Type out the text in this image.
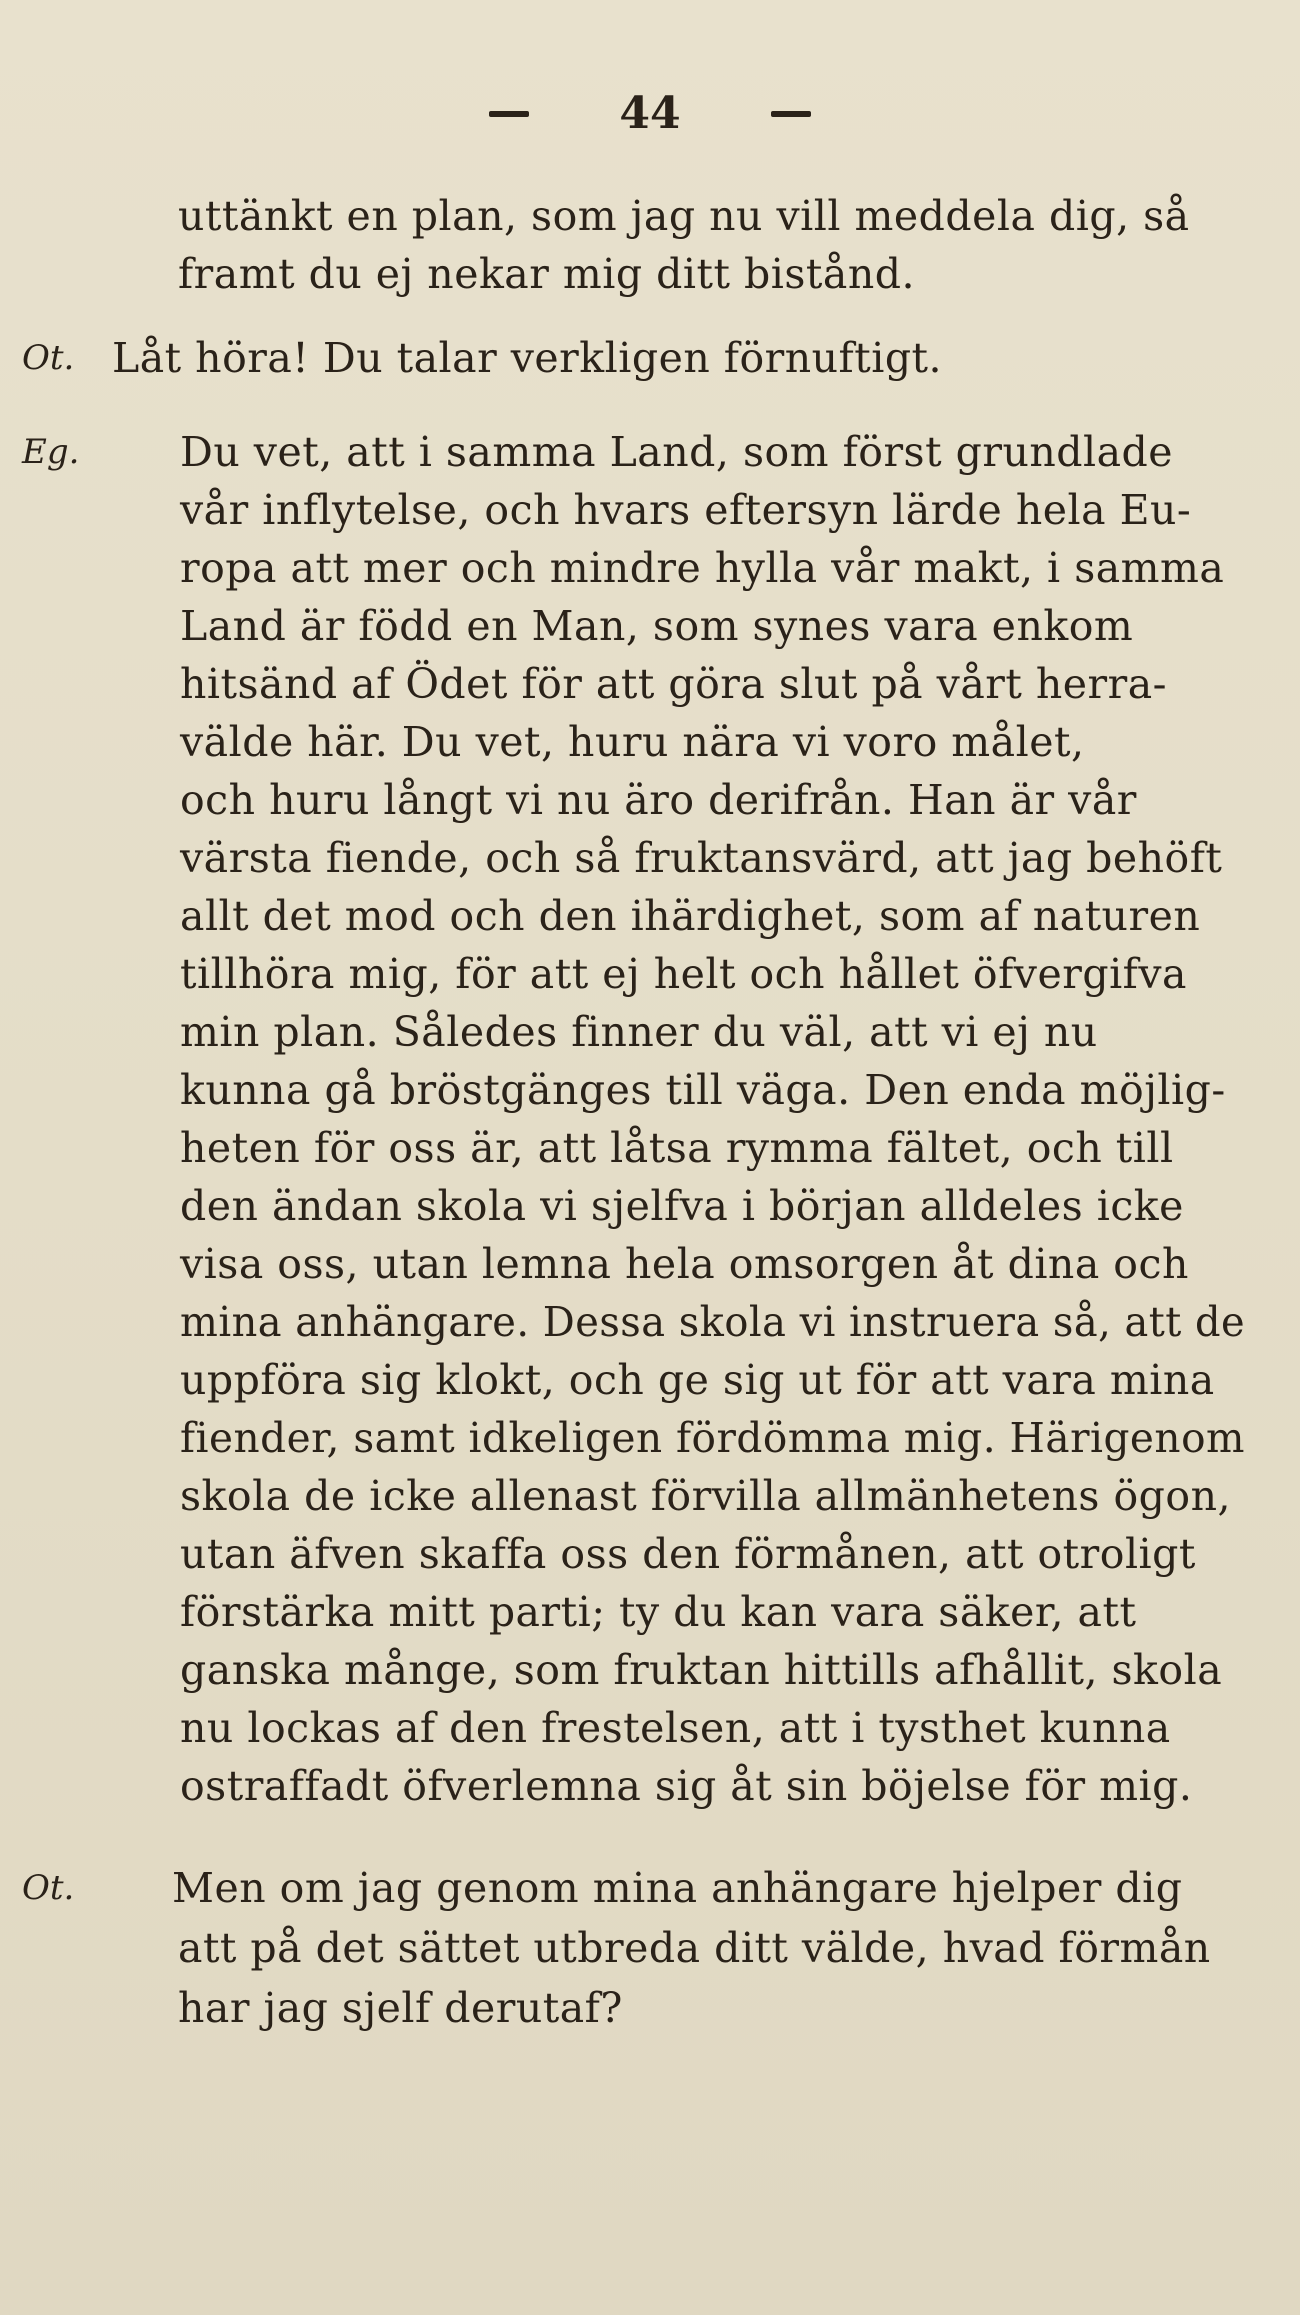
44
uttänkt en plan, som jag nu vill meddela dig, så
framt du ej nekar mig ditt bistånd.
Ot. Låt höra! Du talar verkligen förnuftigt.
Eg. Du vet, att i samma Land, som först grundlade
vår inflytelse, och hvars eftersyn lärde hela Eu-
ropa att mer och mindre hylla vår makt, i samma
Land är född en Man, som synes vara enkom
hitsänd af Ödet för att göra slut på vårt herra-
välde här. Du vet, huru nära vi voro målet,
och huru långt vi nu äro derifrån. Han är vår
värsta fiende, och så fruktansvärd, att jag behöft
allt det mod och den ihärdighet, som af naturen
tillhöra mig, för att ej helt och hållet öfvergifva
min plan. Således finner du väl, att vi ej nu
kunna gå bröstgänges till väga. Den enda möjlig-
heten för oss är, att låtsa rymma fältet, och till
den ändan skola vi sjelfva i början alldeles icke
visa oss, utan lemna hela omsorgen åt dina och
mina anhängare. Dessa skola vi instruera så, att de
uppföra sig klokt, och ge sig ut för att vara mina
fiender, samt idkeligen fördömma mig. Härigenom
skola de icke allenast förvilla allmänhetens ögon,
utan äfven skaffa oss den förmånen, att otroligt
förstärka mitt parti; ty du kan vara säker, att
ganska månge, som fruktan hittills afhållit, skola
nu lockas af den frestelsen, att i tysthet kunna
ostraffadt öfverlemna sig åt sin böjelse för mig.
Ot. Men om jag genom mina anhängare hjelper dig
att på det sättet utbreda ditt välde, hvad förmån
har jag sjelf derutaf?
